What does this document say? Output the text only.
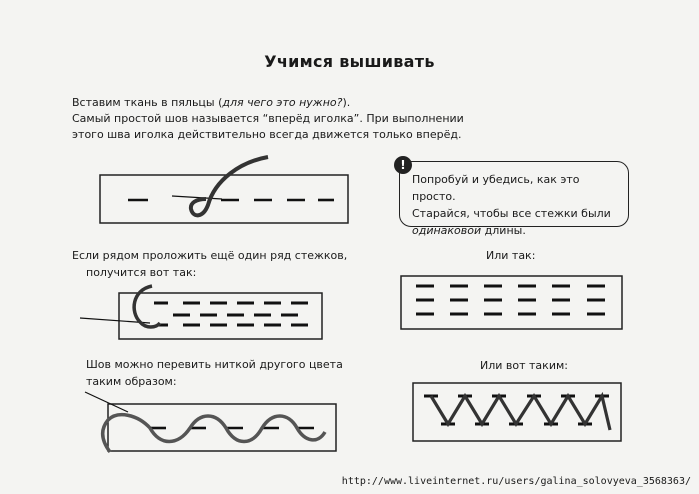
Учимся вышивать

Вставим ткань в пяльцы (для чего это нужно?).

Самый простой шов называется “вперёд иголка”. При выполнении

этого шва иголка действительно всегда движется только вперёд.

Попробуй и убедись, как это просто.

Старайся, чтобы все стежки были

одинаковой длины.

!
Если рядом проложить ещё один ряд стежков,
получится вот так:
Или так:
Шов можно перевить ниткой другого цвета
таким образом:
Или вот таким:
http://www.liveinternet.ru/users/galina_solovyeva_3568363/
